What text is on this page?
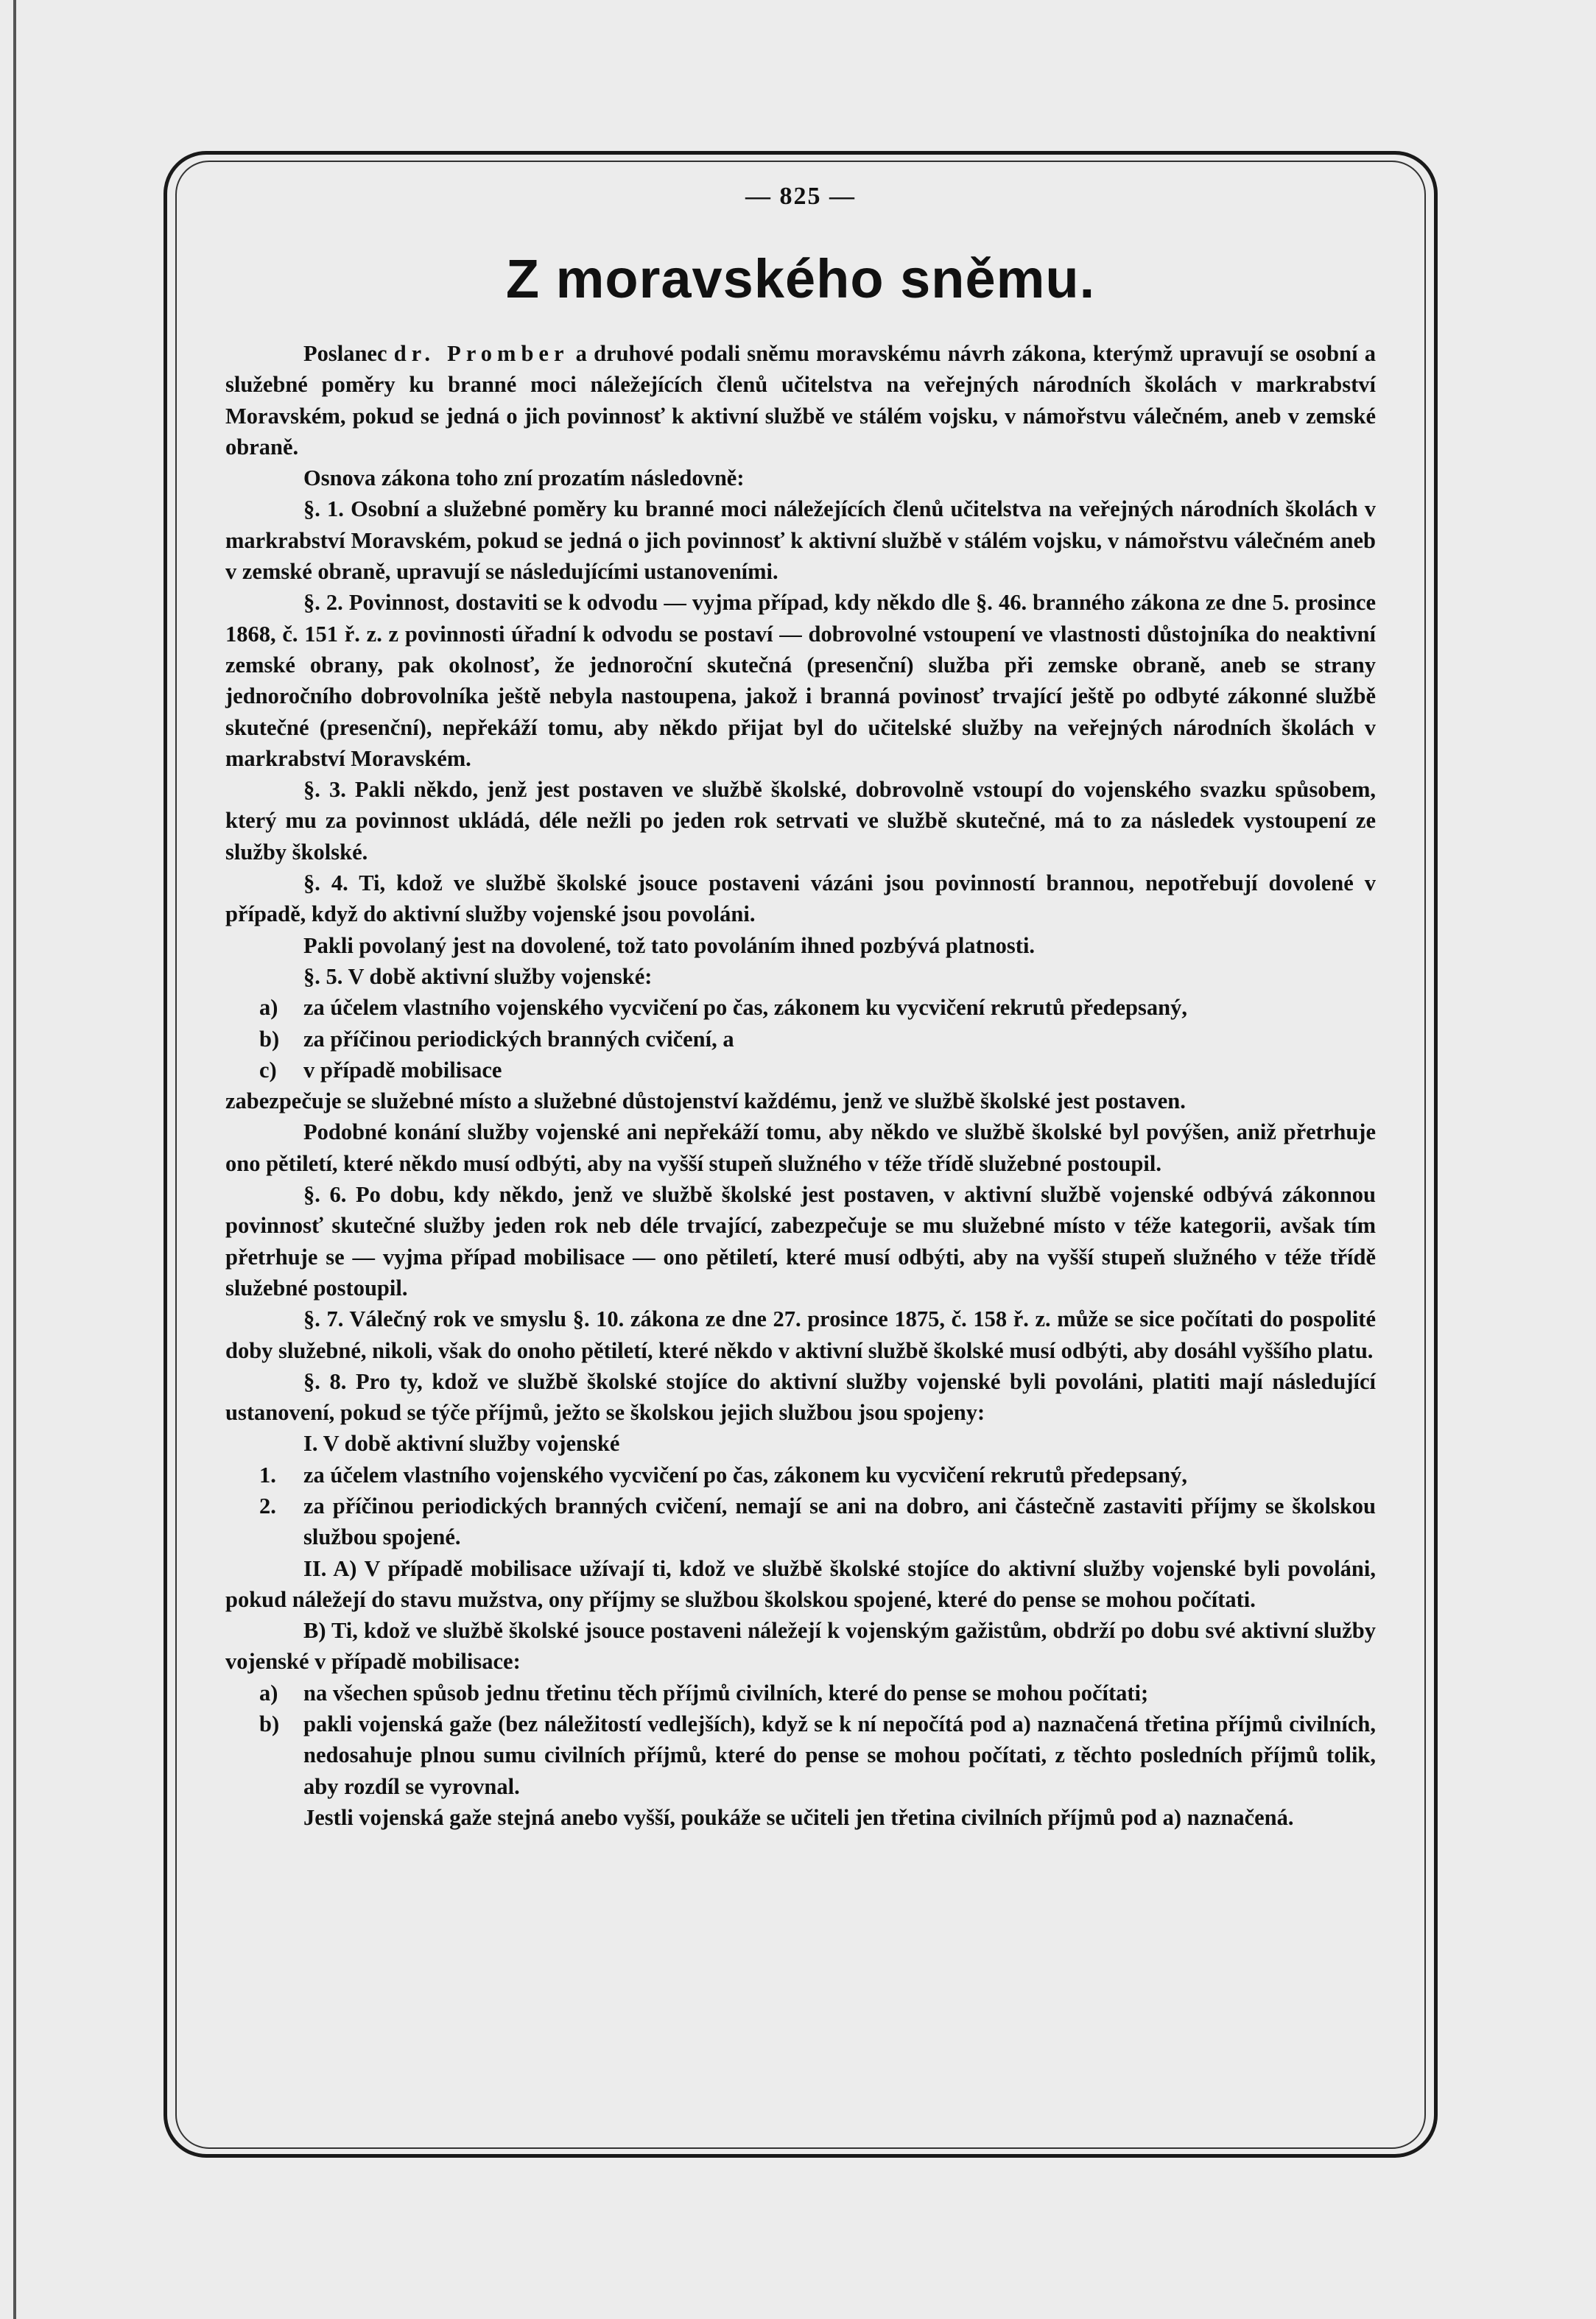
— 825 —
Z moravského sněmu.

Poslanec dr. Promber a druhové podali sněmu moravskému návrh zákona, kterýmž upravují se osobní a služebné poměry ku branné moci náležejících členů učitelstva na veřejných národních školách v markrabství Moravském, pokud se jedná o jich povinnosť k aktivní službě ve stálém vojsku, v námořstvu válečném, aneb v zemské obraně.

Osnova zákona toho zní prozatím následovně:

§. 1. Osobní a služebné poměry ku branné moci náležejících členů učitelstva na veřejných národních školách v markrabství Moravském, pokud se jedná o jich povinnosť k aktivní službě v stálém vojsku, v námořstvu válečném aneb v zemské obraně, upravují se následujícími ustanoveními.

§. 2. Povinnost, dostaviti se k odvodu — vyjma případ, kdy někdo dle §. 46. branného zákona ze dne 5. prosince 1868, č. 151 ř. z. z povinnosti úřadní k odvodu se postaví — dobrovolné vstoupení ve vlastnosti důstojníka do neaktivní zemské obrany, pak okolnosť, že jednoroční skutečná (presenční) služba při zemske obraně, aneb se strany jednoročního dobrovolníka ještě nebyla nastoupena, jakož i branná povinosť trvající ještě po odbyté zákonné službě skutečné (presenční), nepřekáží tomu, aby někdo přijat byl do učitelské služby na veřejných národních školách v markrabství Moravském.

§. 3. Pakli někdo, jenž jest postaven ve službě školské, dobrovolně vstoupí do vojenského svazku spůsobem, který mu za povinnost ukládá, déle nežli po jeden rok setrvati ve službě skutečné, má to za následek vystoupení ze služby školské.

§. 4. Ti, kdož ve službě školské jsouce postaveni vázáni jsou povinností brannou, nepotřebují dovolené v případě, když do aktivní služby vojenské jsou povoláni.

Pakli povolaný jest na dovolené, tož tato povoláním ihned pozbývá platnosti.

§. 5. V době aktivní služby vojenské:

a)	za účelem vlastního vojenského vycvičení po čas, zákonem ku vycvičení rekrutů předepsaný,

b)	za příčinou periodických branných cvičení, a

c)	v případě mobilisace

zabezpečuje se služebné místo a služebné důstojenství každému, jenž ve službě školské jest postaven.

Podobné konání služby vojenské ani nepřekáží tomu, aby někdo ve službě školské byl povýšen, aniž přetrhuje ono pětiletí, které někdo musí odbýti, aby na vyšší stupeň služného v téže třídě služebné postoupil.

§. 6. Po dobu, kdy někdo, jenž ve službě školské jest postaven, v aktivní službě vojenské odbývá zákonnou povinnosť skutečné služby jeden rok neb déle trvající, zabezpečuje se mu služebné místo v téže kategorii, avšak tím přetrhuje se — vyjma případ mobilisace — ono pětiletí, které musí odbýti, aby na vyšší stupeň služného v téže třídě služebné postoupil.

§. 7. Válečný rok ve smyslu §. 10. zákona ze dne 27. prosince 1875, č. 158 ř. z. může se sice počítati do pospolité doby služebné, nikoli, však do onoho pětiletí, které někdo v aktivní službě školské musí odbýti, aby dosáhl vyššího platu.

§. 8. Pro ty, kdož ve službě školské stojíce do aktivní služby vojenské byli povoláni, platiti mají následující ustanovení, pokud se týče příjmů, ježto se školskou jejich službou jsou spojeny:

I. V době aktivní služby vojenské

1.	za účelem vlastního vojenského vycvičení po čas, zákonem ku vycvičení rekrutů předepsaný,

2.	za příčinou periodických branných cvičení, nemají se ani na dobro, ani částečně zastaviti příjmy se školskou službou spojené.

II. A) V případě mobilisace užívají ti, kdož ve službě školské stojíce do aktivní služby vojenské byli povoláni, pokud náležejí do stavu mužstva, ony příjmy se službou školskou spojené, které do pense se mohou počítati.

B) Ti, kdož ve službě školské jsouce postaveni náležejí k vojenským gažistům, obdrží po dobu své aktivní služby vojenské v případě mobilisace:

a)	na všechen spůsob jednu třetinu těch příjmů civilních, které do pense se mohou počítati;

b)	pakli vojenská gaže (bez náležitostí vedlejších), když se k ní nepočítá pod a) naznačená třetina příjmů civilních, nedosahuje plnou sumu civilních příjmů, které do pense se mohou počítati, z těchto posledních příjmů tolik, aby rozdíl se vyrovnal.

Jestli vojenská gaže stejná anebo vyšší, poukáže se učiteli jen třetina civilních příjmů pod a) naznačená.
